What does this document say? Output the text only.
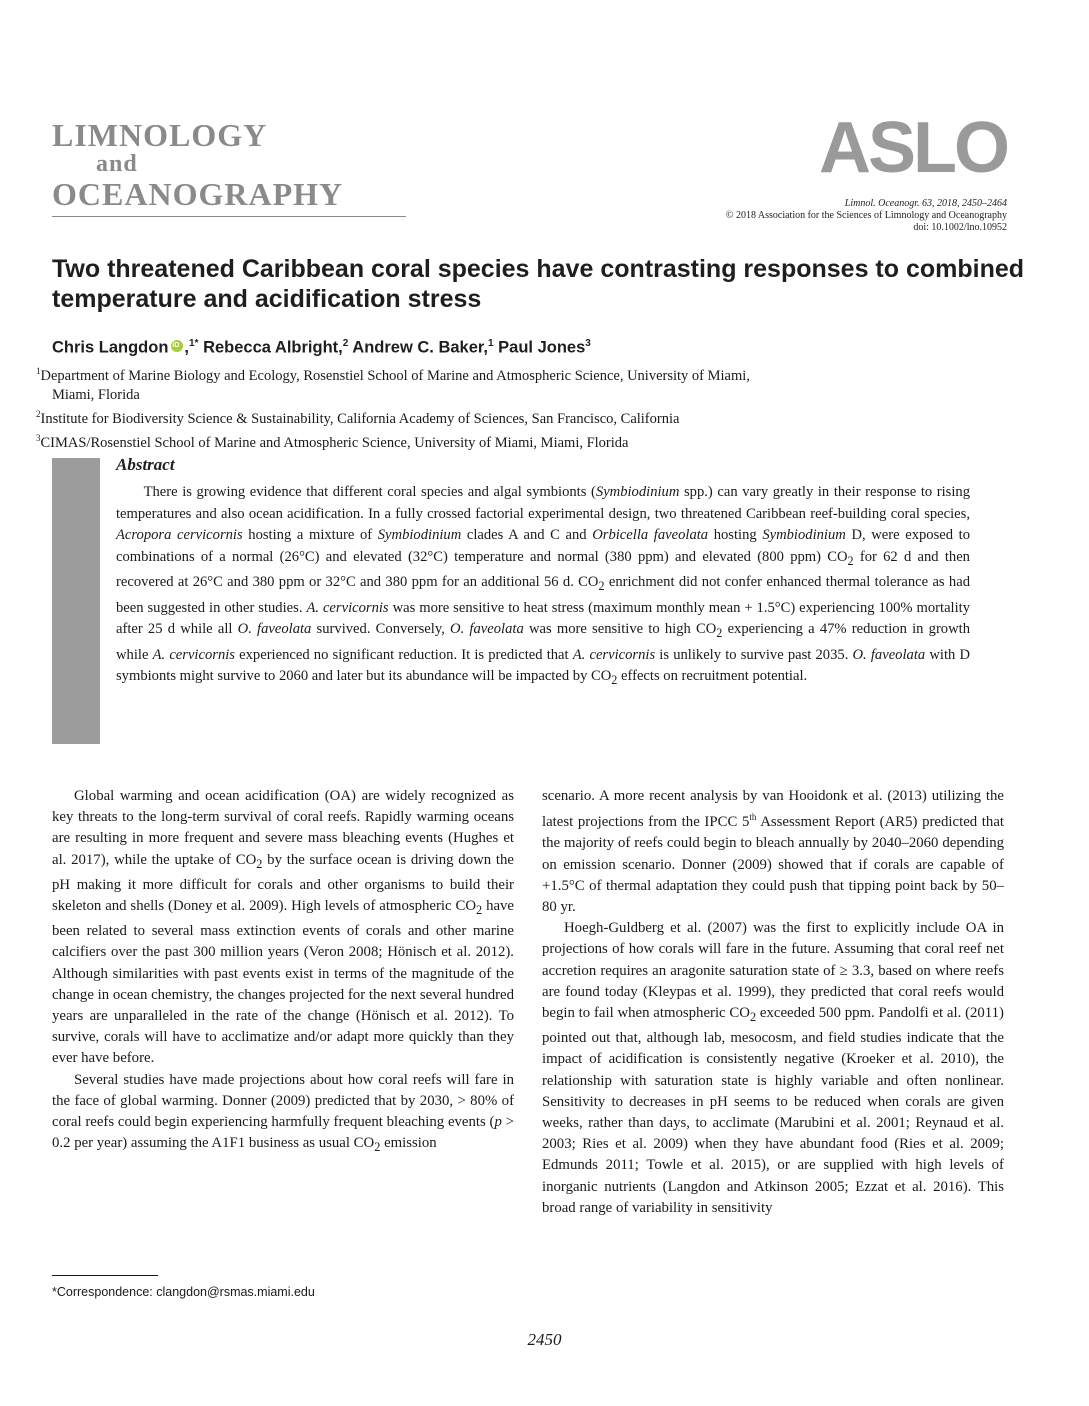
LIMNOLOGY
and
OCEANOGRAPHY
ASLO
Limnol. Oceanogr. 63, 2018, 2450–2464
© 2018 Association for the Sciences of Limnology and Oceanography
doi: 10.1002/lno.10952
Two threatened Caribbean coral species have contrasting responses to combined temperature and acidification stress
Chris LangdoniD ,$^{1*}$ Rebecca Albright,$^2$ Andrew C. Baker,$^1$ Paul Jones$^3$
$^1$Department of Marine Biology and Ecology, Rosenstiel School of Marine and Atmospheric Science, University of Miami,
Miami, Florida
$^2$Institute for Biodiversity Science & Sustainability, California Academy of Sciences, San Francisco, California
$^3$CIMAS/Rosenstiel School of Marine and Atmospheric Science, University of Miami, Miami, Florida
Abstract
There is growing evidence that different coral species and algal symbionts (Symbiodinium spp.) can vary greatly in their response to rising temperatures and also ocean acidification. In a fully crossed factorial experimental design, two threatened Caribbean reef-building coral species, Acropora cervicornis hosting a mixture of Symbiodinium clades A and C and Orbicella faveolata hosting Symbiodinium D, were exposed to combinations of a normal (26°C) and elevated (32°C) temperature and normal (380 ppm) and elevated (800 ppm) $CO_2$ for 62 d and then recovered at 26°C and 380 ppm or 32°C and 380 ppm for an additional 56 d. $CO_2$ enrichment did not confer enhanced thermal tolerance as had been suggested in other studies. A. cervicornis was more sensitive to heat stress (maximum monthly mean + 1.5°C) experiencing 100% mortality after 25 d while all O. faveolata survived. Conversely, O. faveolata was more sensitive to high $CO_2$ experiencing a 47% reduction in growth while A. cervicornis experienced no significant reduction. It is predicted that A. cervicornis is unlikely to survive past 2035. O. faveolata with D symbionts might survive to 2060 and later but its abundance will be impacted by $CO_2$ effects on recruitment potential.

Global warming and ocean acidification (OA) are widely recognized as key threats to the long-term survival of coral reefs. Rapidly warming oceans are resulting in more frequent and severe mass bleaching events (Hughes et al. 2017), while the uptake of $CO_2$ by the surface ocean is driving down the pH making it more difficult for corals and other organisms to build their skeleton and shells (Doney et al. 2009). High levels of atmospheric $CO_2$ have been related to several mass extinction events of corals and other marine calcifiers over the past 300 million years (Veron 2008; Hönisch et al. 2012). Although similarities with past events exist in terms of the magnitude of the change in ocean chemistry, the changes projected for the next several hundred years are unparalleled in the rate of the change (Hönisch et al. 2012). To survive, corals will have to acclimatize and/or adapt more quickly than they ever have before.

Several studies have made projections about how coral reefs will fare in the face of global warming. Donner (2009) predicted that by 2030, > 80% of coral reefs could begin experiencing harmfully frequent bleaching events (p > 0.2 per year) assuming the A1F1 business as usual $CO_2$ emission

scenario. A more recent analysis by van Hooidonk et al. (2013) utilizing the latest projections from the IPCC 5th Assessment Report (AR5) predicted that the majority of reefs could begin to bleach annually by 2040–2060 depending on emission scenario. Donner (2009) showed that if corals are capable of +1.5°C of thermal adaptation they could push that tipping point back by 50–80 yr.

Hoegh-Guldberg et al. (2007) was the first to explicitly include OA in projections of how corals will fare in the future. Assuming that coral reef net accretion requires an aragonite saturation state of ≥ 3.3, based on where reefs are found today (Kleypas et al. 1999), they predicted that coral reefs would begin to fail when atmospheric $CO_2$ exceeded 500 ppm. Pandolfi et al. (2011) pointed out that, although lab, mesocosm, and field studies indicate that the impact of acidification is consistently negative (Kroeker et al. 2010), the relationship with saturation state is highly variable and often nonlinear. Sensitivity to decreases in pH seems to be reduced when corals are given weeks, rather than days, to acclimate (Marubini et al. 2001; Reynaud et al. 2003; Ries et al. 2009) when they have abundant food (Ries et al. 2009; Edmunds 2011; Towle et al. 2015), or are supplied with high levels of inorganic nutrients (Langdon and Atkinson 2005; Ezzat et al. 2016). This broad range of variability in sensitivity

*Correspondence: clangdon@rsmas.miami.edu
2450
